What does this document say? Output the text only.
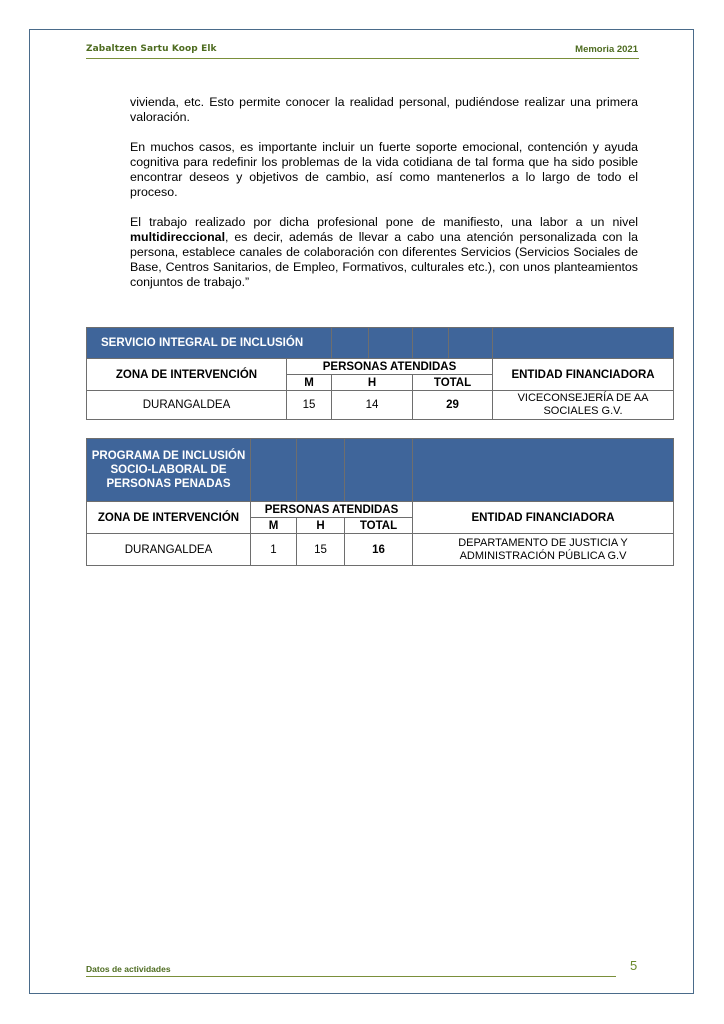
Zabaltzen Sartu Koop Elk	Memoria 2021

vivienda, etc. Esto permite conocer la realidad personal, pudiéndose realizar una primera valoración.

En muchos casos, es importante incluir un fuerte soporte emocional, contención y ayuda cognitiva para redefinir los problemas de la vida cotidiana de tal forma que ha sido posible encontrar deseos y objetivos de cambio, así como mantenerlos a lo largo de todo el proceso.

El trabajo realizado por dicha profesional pone de manifiesto, una labor a un nivel multidireccional, es decir, además de llevar a cabo una atención personalizada con la persona, establece canales de colaboración con diferentes Servicios (Servicios Sociales de Base, Centros Sanitarios, de Empleo, Formativos, culturales etc.), con unos planteamientos conjuntos de trabajo.”

SERVICIO INTEGRAL DE INCLUSIÓN						
ZONA DE INTERVENCIÓN	PERSONAS ATENDIDAS					ENTIDAD FINANCIADORA
	M	H		TOTAL		
DURANGALDEA	15	14		29		VICECONSEJERÍA DE AA
SOCIALES G.V.
PROGRAMA DE INCLUSIÓN SOCIO-LABORAL DE PERSONAS PENADAS				
ZONA DE INTERVENCIÓN	PERSONAS ATENDIDAS			ENTIDAD FINANCIADORA
	M	H	TOTAL	
DURANGALDEA	1	15	16	DEPARTAMENTO DE JUSTICIA Y
ADMINISTRACIÓN PÚBLICA G.V
Datos de actividades	5
